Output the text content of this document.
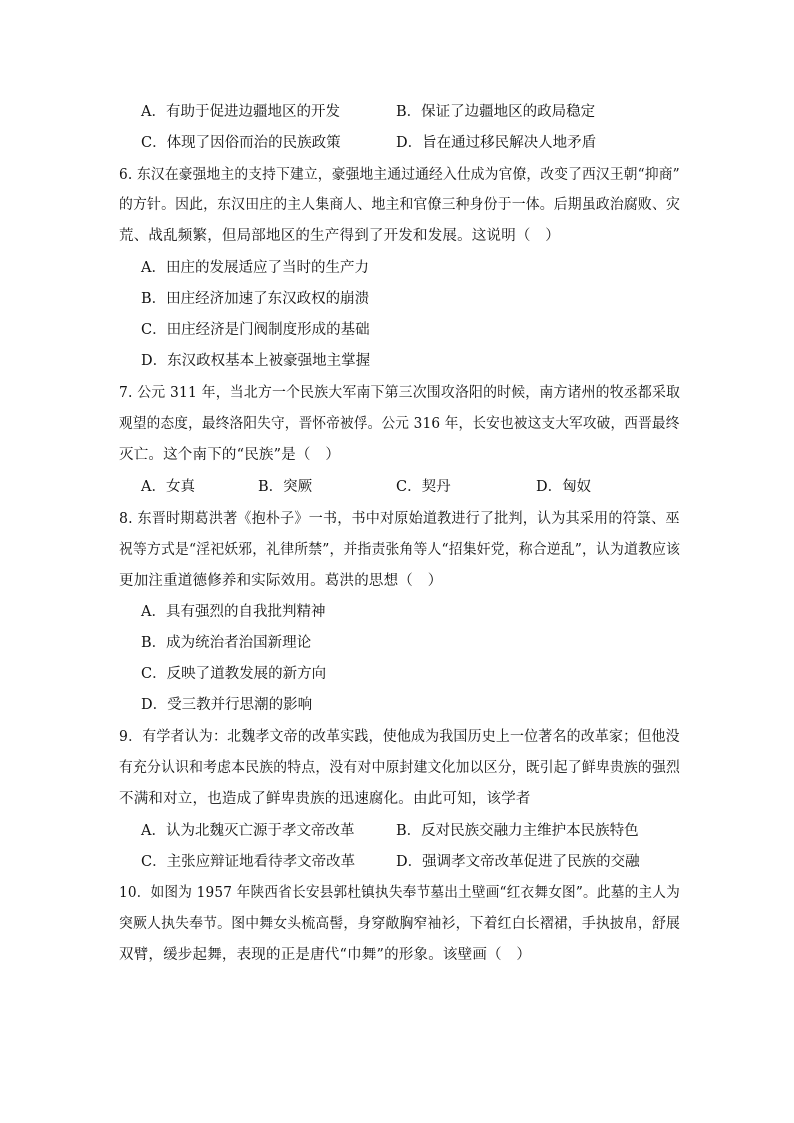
A．有助于促进边疆地区的开发	B．保证了边疆地区的政局稳定
C．体现了因俗而治的民族政策	D．旨在通过移民解决人地矛盾
6. 东汉在豪强地主的支持下建立，豪强地主通过通经入仕成为官僚，改变了西汉王朝“抑商”
的方针。因此，东汉田庄的主人集商人、地主和官僚三种身份于一体。后期虽政治腐败、灾
荒、战乱频繁，但局部地区的生产得到了开发和发展。这说明（　）
A．田庄的发展适应了当时的生产力
B．田庄经济加速了东汉政权的崩溃
C．田庄经济是门阀制度形成的基础
D．东汉政权基本上被豪强地主掌握
7. 公元 311 年，当北方一个民族大军南下第三次围攻洛阳的时候，南方诸州的牧丞都采取
观望的态度，最终洛阳失守，晋怀帝被俘。公元 316 年，长安也被这支大军攻破，西晋最终
灭亡。这个南下的“民族”是（　）
A．女真	B．突厥	C．契丹	D．匈奴
8. 东晋时期葛洪著《抱朴子》一书，书中对原始道教进行了批判，认为其采用的符箓、巫
祝等方式是“淫祀妖邪，礼律所禁”，并指责张角等人“招集奸党，称合逆乱”，认为道教应该
更加注重道德修养和实际效用。葛洪的思想（　）
A．具有强烈的自我批判精神
B．成为统治者治国新理论
C．反映了道教发展的新方向
D．受三教并行思潮的影响
9．有学者认为：北魏孝文帝的改革实践，使他成为我国历史上一位著名的改革家；但他没
有充分认识和考虑本民族的特点，没有对中原封建文化加以区分，既引起了鲜卑贵族的强烈
不满和对立，也造成了鲜卑贵族的迅速腐化。由此可知，该学者
A．认为北魏灭亡源于孝文帝改革	B．反对民族交融力主维护本民族特色
C．主张应辩证地看待孝文帝改革	D．强调孝文帝改革促进了民族的交融
10．如图为 1957 年陕西省长安县郭杜镇执失奉节墓出土壁画“红衣舞女图”。此墓的主人为
突厥人执失奉节。图中舞女头梳高髻，身穿敞胸窄袖衫，下着红白长褶裙，手执披帛，舒展
双臂，缓步起舞，表现的正是唐代“巾舞”的形象。该壁画（　）
